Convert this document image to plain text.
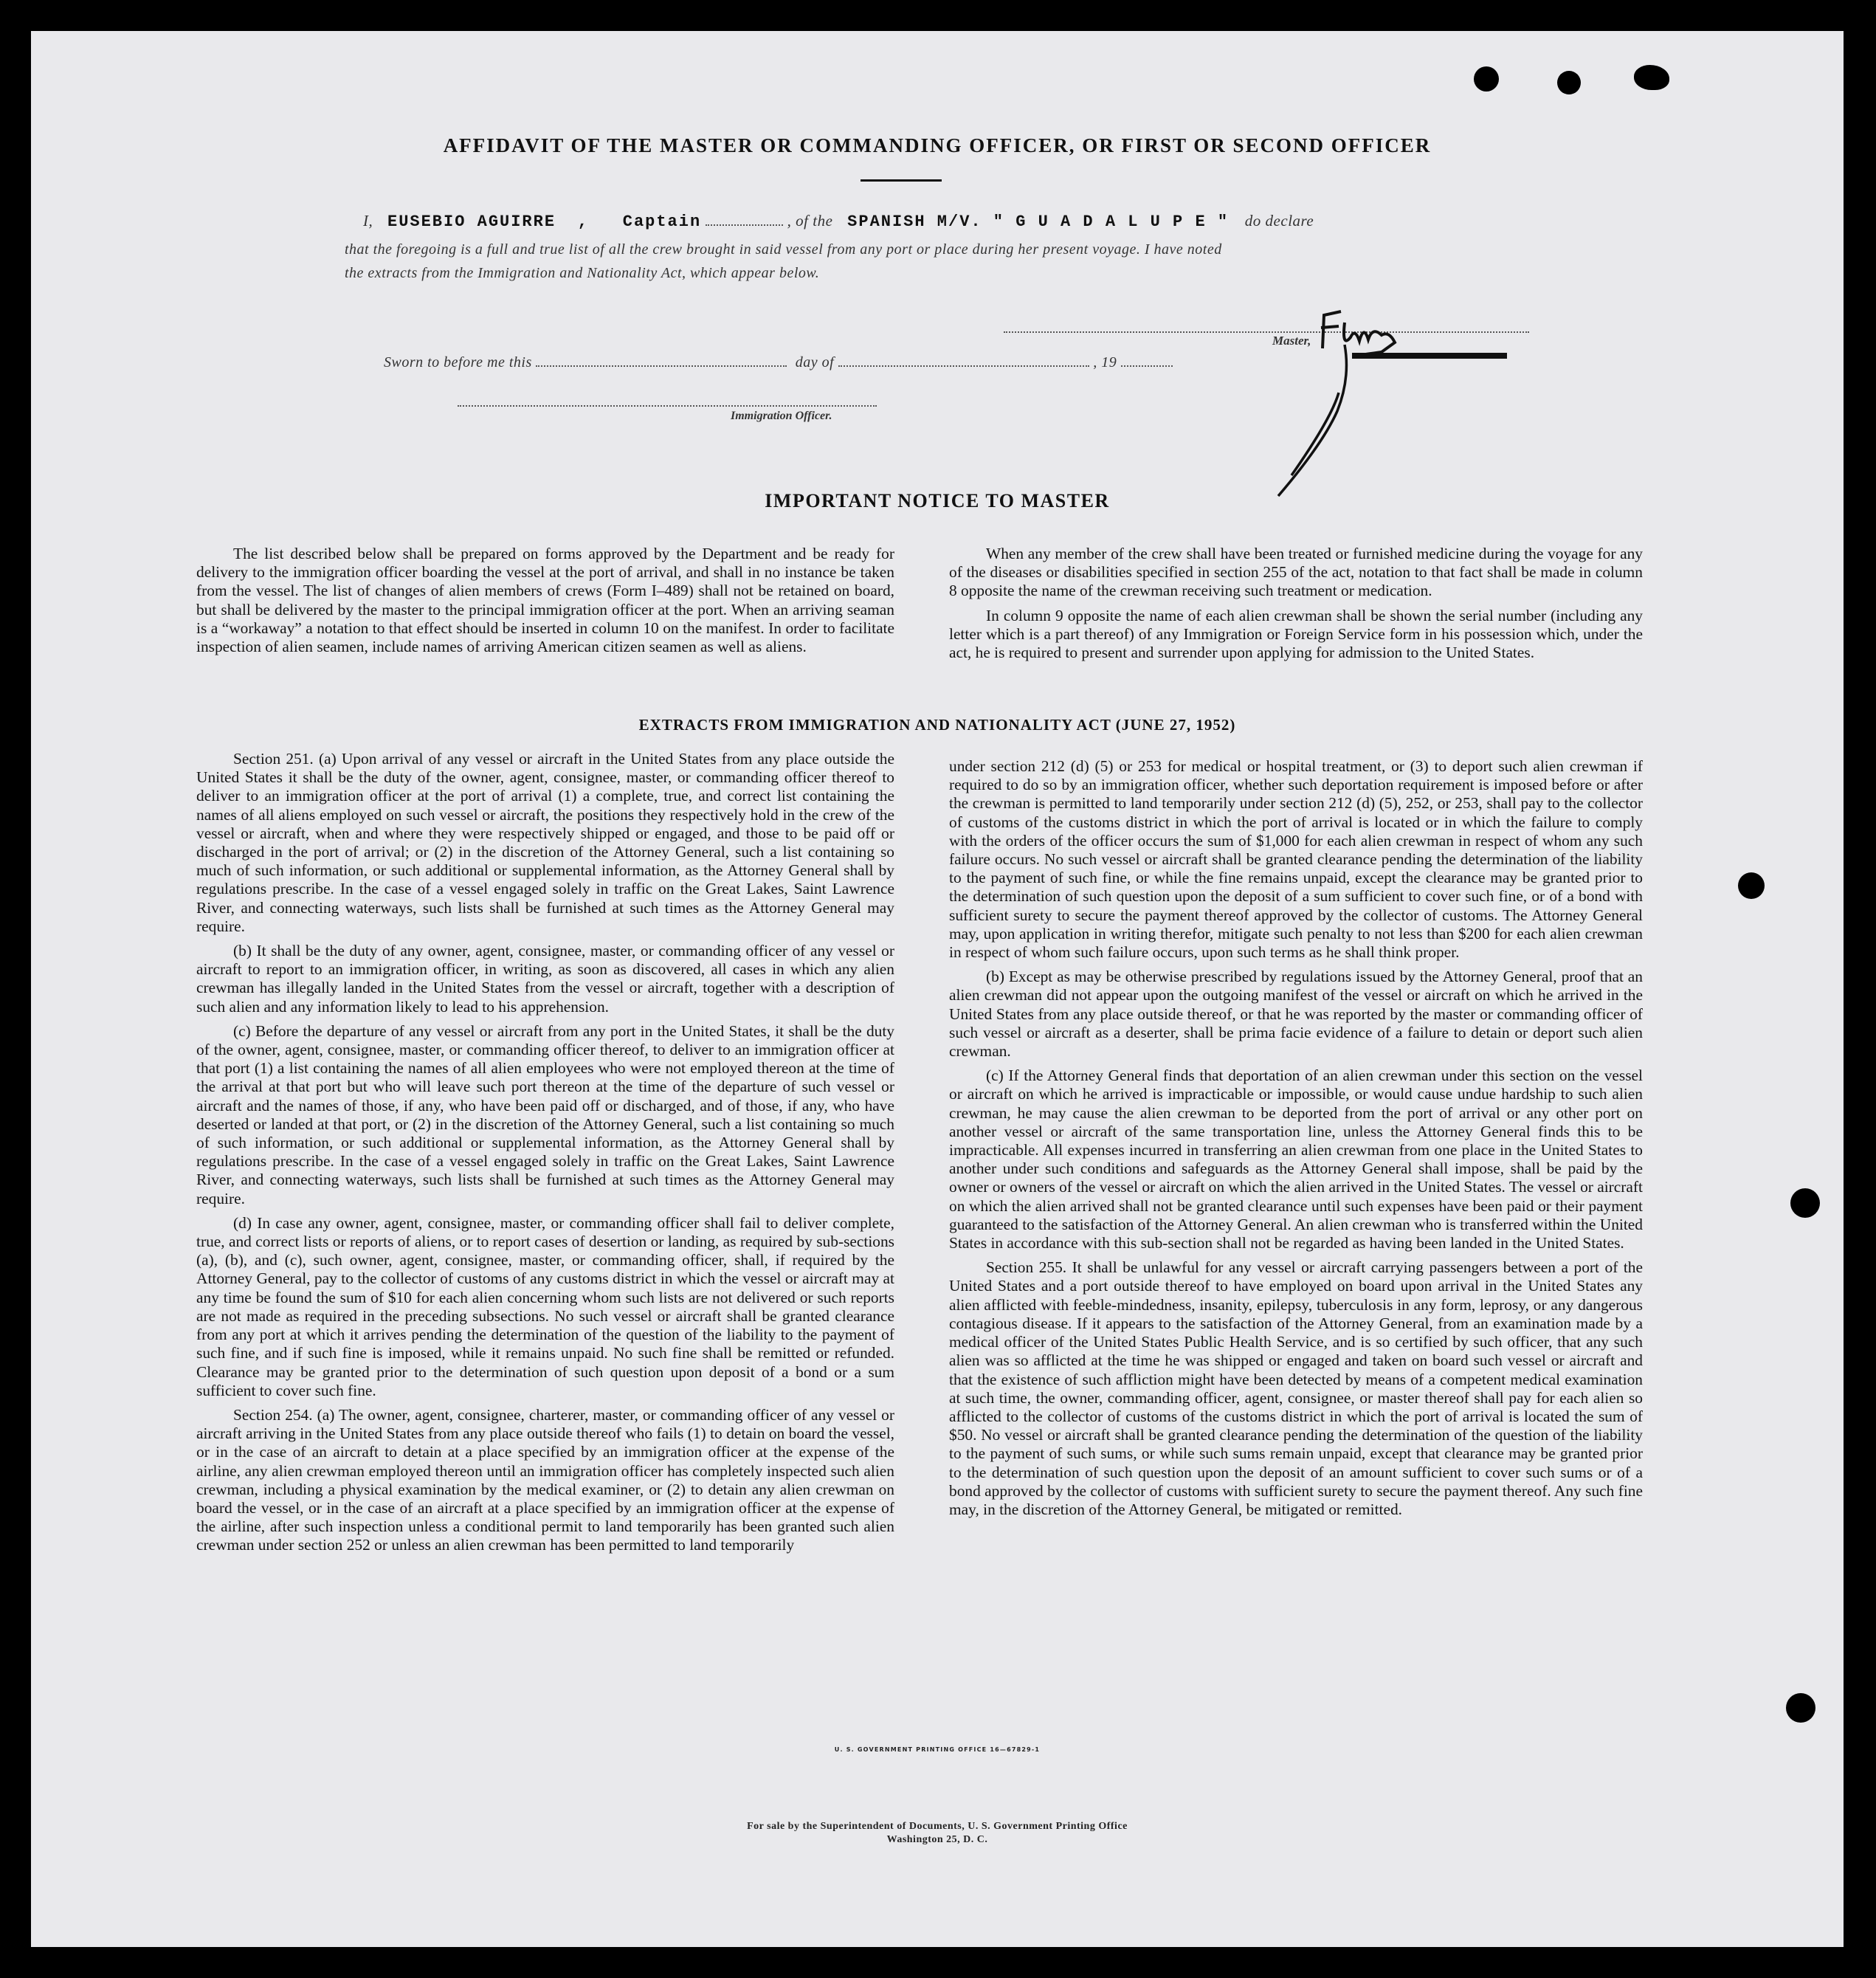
AFFIDAVIT OF THE MASTER OR COMMANDING OFFICER, OR FIRST OR SECOND OFFICER
I, EUSEBIO AGUIRRE , Captain	, of the SPANISH M/V. " G U A D A L U P E " do declare
that the foregoing is a full and true list of all the crew brought in said vessel from any port or place during her present voyage. I have noted
the extracts from the Immigration and Nationality Act, which appear below.
Master,
Sworn to before me this	day of	, 19
Immigration Officer.
IMPORTANT NOTICE TO MASTER

The list described below shall be prepared on forms approved by the Department and be ready for delivery to the immigration officer boarding the vessel at the port of arrival, and shall in no instance be taken from the vessel. The list of changes of alien members of crews (Form I–489) shall not be retained on board, but shall be delivered by the master to the principal immigration officer at the port. When an arriving seaman is a “workaway” a notation to that effect should be inserted in column 10 on the manifest. In order to facilitate inspection of alien seamen, include names of arriving American citizen seamen as well as aliens.

When any member of the crew shall have been treated or furnished medicine during the voyage for any of the diseases or disabilities specified in section 255 of the act, notation to that fact shall be made in column 8 opposite the name of the crewman receiving such treatment or medication.

In column 9 opposite the name of each alien crewman shall be shown the serial number (including any letter which is a part thereof) of any Immigration or Foreign Service form in his possession which, under the act, he is required to present and surrender upon applying for admission to the United States.

EXTRACTS FROM IMMIGRATION AND NATIONALITY ACT (JUNE 27, 1952)

Section 251. (a) Upon arrival of any vessel or aircraft in the United States from any place outside the United States it shall be the duty of the owner, agent, consignee, master, or commanding officer thereof to deliver to an immigration officer at the port of arrival (1) a complete, true, and correct list containing the names of all aliens employed on such vessel or aircraft, the positions they respectively hold in the crew of the vessel or aircraft, when and where they were respectively shipped or engaged, and those to be paid off or discharged in the port of arrival; or (2) in the discretion of the Attorney General, such a list containing so much of such information, or such additional or supplemental information, as the Attorney General shall by regulations prescribe. In the case of a vessel engaged solely in traffic on the Great Lakes, Saint Lawrence River, and connecting waterways, such lists shall be furnished at such times as the Attorney General may require.

(b) It shall be the duty of any owner, agent, consignee, master, or commanding officer of any vessel or aircraft to report to an immigration officer, in writing, as soon as discovered, all cases in which any alien crewman has illegally landed in the United States from the vessel or aircraft, together with a description of such alien and any information likely to lead to his apprehension.

(c) Before the departure of any vessel or aircraft from any port in the United States, it shall be the duty of the owner, agent, consignee, master, or commanding officer thereof, to deliver to an immigration officer at that port (1) a list containing the names of all alien employees who were not employed thereon at the time of the arrival at that port but who will leave such port thereon at the time of the departure of such vessel or aircraft and the names of those, if any, who have been paid off or discharged, and of those, if any, who have deserted or landed at that port, or (2) in the discretion of the Attorney General, such a list containing so much of such information, or such additional or supplemental information, as the Attorney General shall by regulations prescribe. In the case of a vessel engaged solely in traffic on the Great Lakes, Saint Lawrence River, and connecting waterways, such lists shall be furnished at such times as the Attorney General may require.

(d) In case any owner, agent, consignee, master, or commanding officer shall fail to deliver complete, true, and correct lists or reports of aliens, or to report cases of desertion or landing, as required by sub-sections (a), (b), and (c), such owner, agent, consignee, master, or commanding officer, shall, if required by the Attorney General, pay to the collector of customs of any customs district in which the vessel or aircraft may at any time be found the sum of $10 for each alien concerning whom such lists are not delivered or such reports are not made as required in the preceding subsections. No such vessel or aircraft shall be granted clearance from any port at which it arrives pending the determination of the question of the liability to the payment of such fine, and if such fine is imposed, while it remains unpaid. No such fine shall be remitted or refunded. Clearance may be granted prior to the determination of such question upon deposit of a bond or a sum sufficient to cover such fine.

Section 254. (a) The owner, agent, consignee, charterer, master, or commanding officer of any vessel or aircraft arriving in the United States from any place outside thereof who fails (1) to detain on board the vessel, or in the case of an aircraft to detain at a place specified by an immigration officer at the expense of the airline, any alien crewman employed thereon until an immigration officer has completely inspected such alien crewman, including a physical examination by the medical examiner, or (2) to detain any alien crewman on board the vessel, or in the case of an aircraft at a place specified by an immigration officer at the expense of the airline, after such inspection unless a conditional permit to land temporarily has been granted such alien crewman under section 252 or unless an alien crewman has been permitted to land temporarily

under section 212 (d) (5) or 253 for medical or hospital treatment, or (3) to deport such alien crewman if required to do so by an immigration officer, whether such deportation requirement is imposed before or after the crewman is permitted to land temporarily under section 212 (d) (5), 252, or 253, shall pay to the collector of customs of the customs district in which the port of arrival is located or in which the failure to comply with the orders of the officer occurs the sum of $1,000 for each alien crewman in respect of whom any such failure occurs. No such vessel or aircraft shall be granted clearance pending the determination of the liability to the payment of such fine, or while the fine remains unpaid, except the clearance may be granted prior to the determination of such question upon the deposit of a sum sufficient to cover such fine, or of a bond with sufficient surety to secure the payment thereof approved by the collector of customs. The Attorney General may, upon application in writing therefor, mitigate such penalty to not less than $200 for each alien crewman in respect of whom such failure occurs, upon such terms as he shall think proper.

(b) Except as may be otherwise prescribed by regulations issued by the Attorney General, proof that an alien crewman did not appear upon the outgoing manifest of the vessel or aircraft on which he arrived in the United States from any place outside thereof, or that he was reported by the master or commanding officer of such vessel or aircraft as a deserter, shall be prima facie evidence of a failure to detain or deport such alien crewman.

(c) If the Attorney General finds that deportation of an alien crewman under this section on the vessel or aircraft on which he arrived is impracticable or impossible, or would cause undue hardship to such alien crewman, he may cause the alien crewman to be deported from the port of arrival or any other port on another vessel or aircraft of the same transportation line, unless the Attorney General finds this to be impracticable. All expenses incurred in transferring an alien crewman from one place in the United States to another under such conditions and safeguards as the Attorney General shall impose, shall be paid by the owner or owners of the vessel or aircraft on which the alien arrived in the United States. The vessel or aircraft on which the alien arrived shall not be granted clearance until such expenses have been paid or their payment guaranteed to the satisfaction of the Attorney General. An alien crewman who is transferred within the United States in accordance with this sub-section shall not be regarded as having been landed in the United States.

Section 255. It shall be unlawful for any vessel or aircraft carrying passengers between a port of the United States and a port outside thereof to have employed on board upon arrival in the United States any alien afflicted with feeble-mindedness, insanity, epilepsy, tuberculosis in any form, leprosy, or any dangerous contagious disease. If it appears to the satisfaction of the Attorney General, from an examination made by a medical officer of the United States Public Health Service, and is so certified by such officer, that any such alien was so afflicted at the time he was shipped or engaged and taken on board such vessel or aircraft and that the existence of such affliction might have been detected by means of a competent medical examination at such time, the owner, commanding officer, agent, consignee, or master thereof shall pay for each alien so afflicted to the collector of customs of the customs district in which the port of arrival is located the sum of $50. No vessel or aircraft shall be granted clearance pending the determination of the question of the liability to the payment of such sums, or while such sums remain unpaid, except that clearance may be granted prior to the determination of such question upon the deposit of an amount sufficient to cover such sums or of a bond approved by the collector of customs with sufficient surety to secure the payment thereof. Any such fine may, in the discretion of the Attorney General, be mitigated or remitted.

U. S. GOVERNMENT PRINTING OFFICE 16—67829-1
For sale by the Superintendent of Documents, U. S. Government Printing Office
Washington 25, D. C.
